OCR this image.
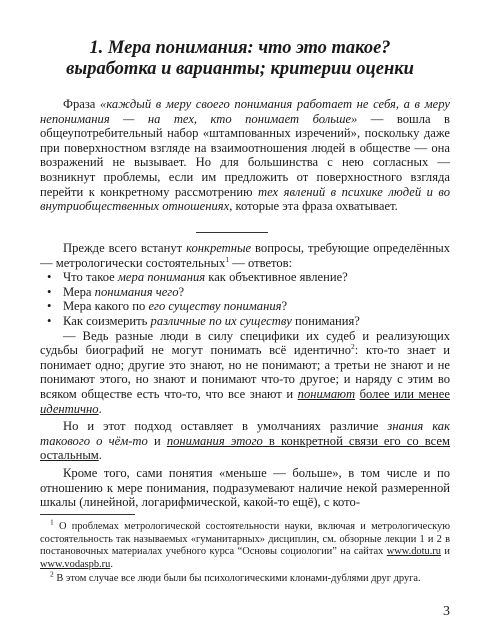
1. Мера понимания: что это такое?
выработка и варианты; критерии оценки

Фраза «каждый в меру своего понимания работает не себя, а в меру непонимания — на тех, кто понимает больше» — вошла в общеупотребительный набор «штампованных изречений», поскольку даже при поверхностном взгляде на взаимоотношения людей в обществе — она возражений не вызывает. Но для большинства с нею согласных — возникнут проблемы, если им предложить от поверхностного взгляда перейти к конкретному рассмотрению тех явлений в психике людей и во внутриобщественных отношениях, которые эта фраза охватывает.

Прежде всего встанут конкретные вопросы, требующие определённых — метрологически состоятельных$^1$ — ответов:

• Что такое мера понимания как объективное явление?
• Мера понимания чего?
• Мера какого по его существу понимания?
• Как соизмерить различные по их существу понимания?

— Ведь разные люди в силу специфики их судеб и реализующих судьбы биографий не могут понимать всё идентично$^2$: кто-то знает и понимает одно; другие это знают, но не понимают; а третьи не знают и не понимают этого, но знают и понимают что-то другое; и наряду с этим во всяком обществе есть что-то, что все знают и понимают более или менее идентично.

Но и этот подход оставляет в умолчаниях различие знания как такового о чём-то и понимания этого в конкретной связи его со всем остальным.

Кроме того, сами понятия «меньше — больше», в том числе и по отношению к мере понимания, подразумевают наличие некой размеренной шкалы (линейной, логарифмической, какой-то ещё), с кото-

$^1$ О проблемах метрологической состоятельности науки, включая и метрологическую состоятельность так называемых «гуманитарных» дисциплин, см. обзорные лекции 1 и 2 в постановочных материалах учебного курса “Основы социологии” на сайтах www.dotu.ru и www.vodaspb.ru.

$^2$ В этом случае все люди были бы психологическими клонами-дублями друг друга.

3
